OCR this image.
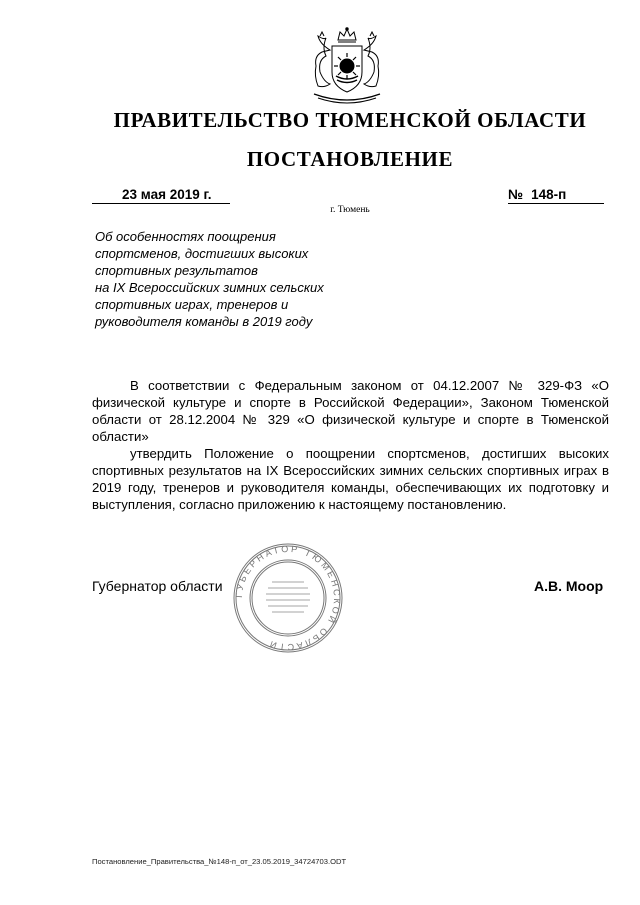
ПРАВИТЕЛЬСТВО ТЮМЕНСКОЙ ОБЛАСТИ
ПОСТАНОВЛЕНИЕ
23 мая 2019 г.	№ 148-п
г. Тюмень
Об особенностях поощрения
спортсменов, достигших высоких
спортивных результатов
на IX Всероссийских зимних сельских
спортивных играх, тренеров и
руководителя команды в 2019 году

В соответствии с Федеральным законом от 04.12.2007 № 329-ФЗ «О физической культуре и спорте в Российской Федерации», Законом Тюменской области от 28.12.2004 № 329 «О физической культуре и спорте в Тюменской области»

утвердить Положение о поощрении спортсменов, достигших высоких спортивных результатов на IX Всероссийских зимних сельских спортивных играх в 2019 году, тренеров и руководителя команды, обеспечивающих их подготовку и выступления, согласно приложению к настоящему постановлению.

ГУБЕРНАТОР ТЮМЕНСКОЙ ОБЛАСТИ
Губернатор области	А.В. Моор
Постановление_Правительства_№148-п_от_23.05.2019_34724703.ODT
